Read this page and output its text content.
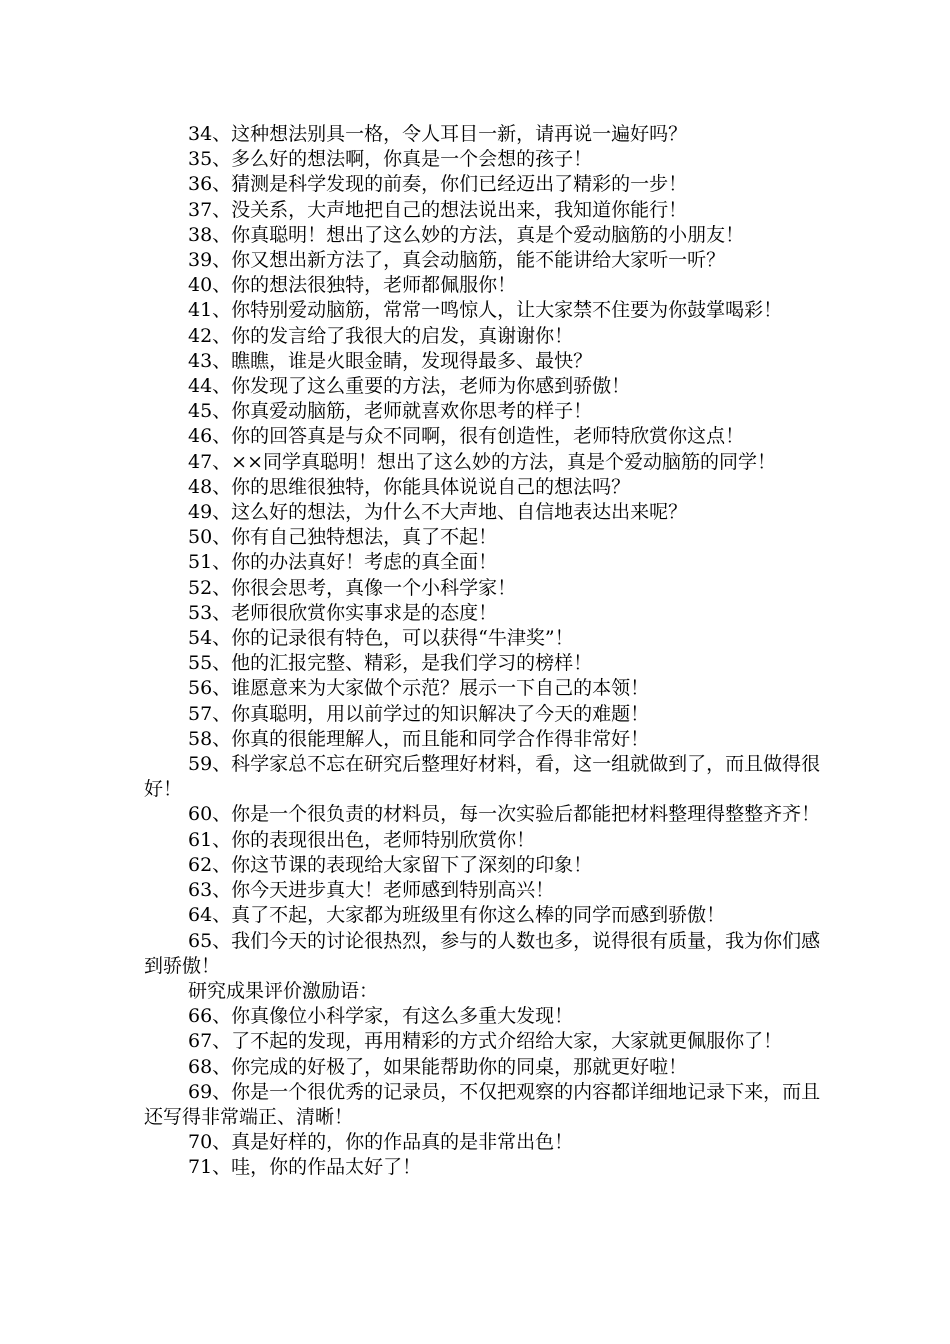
34、这种想法别具一格，令人耳目一新，请再说一遍好吗？

35、多么好的想法啊，你真是一个会想的孩子！

36、猜测是科学发现的前奏，你们已经迈出了精彩的一步！

37、没关系，大声地把自己的想法说出来，我知道你能行！

38、你真聪明！想出了这么妙的方法，真是个爱动脑筋的小朋友！

39、你又想出新方法了，真会动脑筋，能不能讲给大家听一听？

40、你的想法很独特，老师都佩服你！

41、你特别爱动脑筋，常常一鸣惊人，让大家禁不住要为你鼓掌喝彩！

42、你的发言给了我很大的启发，真谢谢你！

43、瞧瞧，谁是火眼金睛，发现得最多、最快？

44、你发现了这么重要的方法，老师为你感到骄傲！

45、你真爱动脑筋，老师就喜欢你思考的样子！

46、你的回答真是与众不同啊，很有创造性，老师特欣赏你这点！

47、××同学真聪明！想出了这么妙的方法，真是个爱动脑筋的同学！

48、你的思维很独特，你能具体说说自己的想法吗？

49、这么好的想法，为什么不大声地、自信地表达出来呢？

50、你有自己独特想法，真了不起！

51、你的办法真好！考虑的真全面！

52、你很会思考，真像一个小科学家！

53、老师很欣赏你实事求是的态度！

54、你的记录很有特色，可以获得“牛津奖”！

55、他的汇报完整、精彩，是我们学习的榜样！

56、谁愿意来为大家做个示范？展示一下自己的本领！

57、你真聪明，用以前学过的知识解决了今天的难题！

58、你真的很能理解人，而且能和同学合作得非常好！

59、科学家总不忘在研究后整理好材料，看，这一组就做到了，而且做得很好！

60、你是一个很负责的材料员，每一次实验后都能把材料整理得整整齐齐！

61、你的表现很出色，老师特别欣赏你！

62、你这节课的表现给大家留下了深刻的印象！

63、你今天进步真大！老师感到特别高兴！

64、真了不起，大家都为班级里有你这么棒的同学而感到骄傲！

65、我们今天的讨论很热烈，参与的人数也多，说得很有质量，我为你们感到骄傲！

研究成果评价激励语：

66、你真像位小科学家，有这么多重大发现！

67、了不起的发现，再用精彩的方式介绍给大家，大家就更佩服你了！

68、你完成的好极了，如果能帮助你的同桌，那就更好啦！

69、你是一个很优秀的记录员，不仅把观察的内容都详细地记录下来，而且还写得非常端正、清晰！

70、真是好样的，你的作品真的是非常出色！

71、哇，你的作品太好了！
